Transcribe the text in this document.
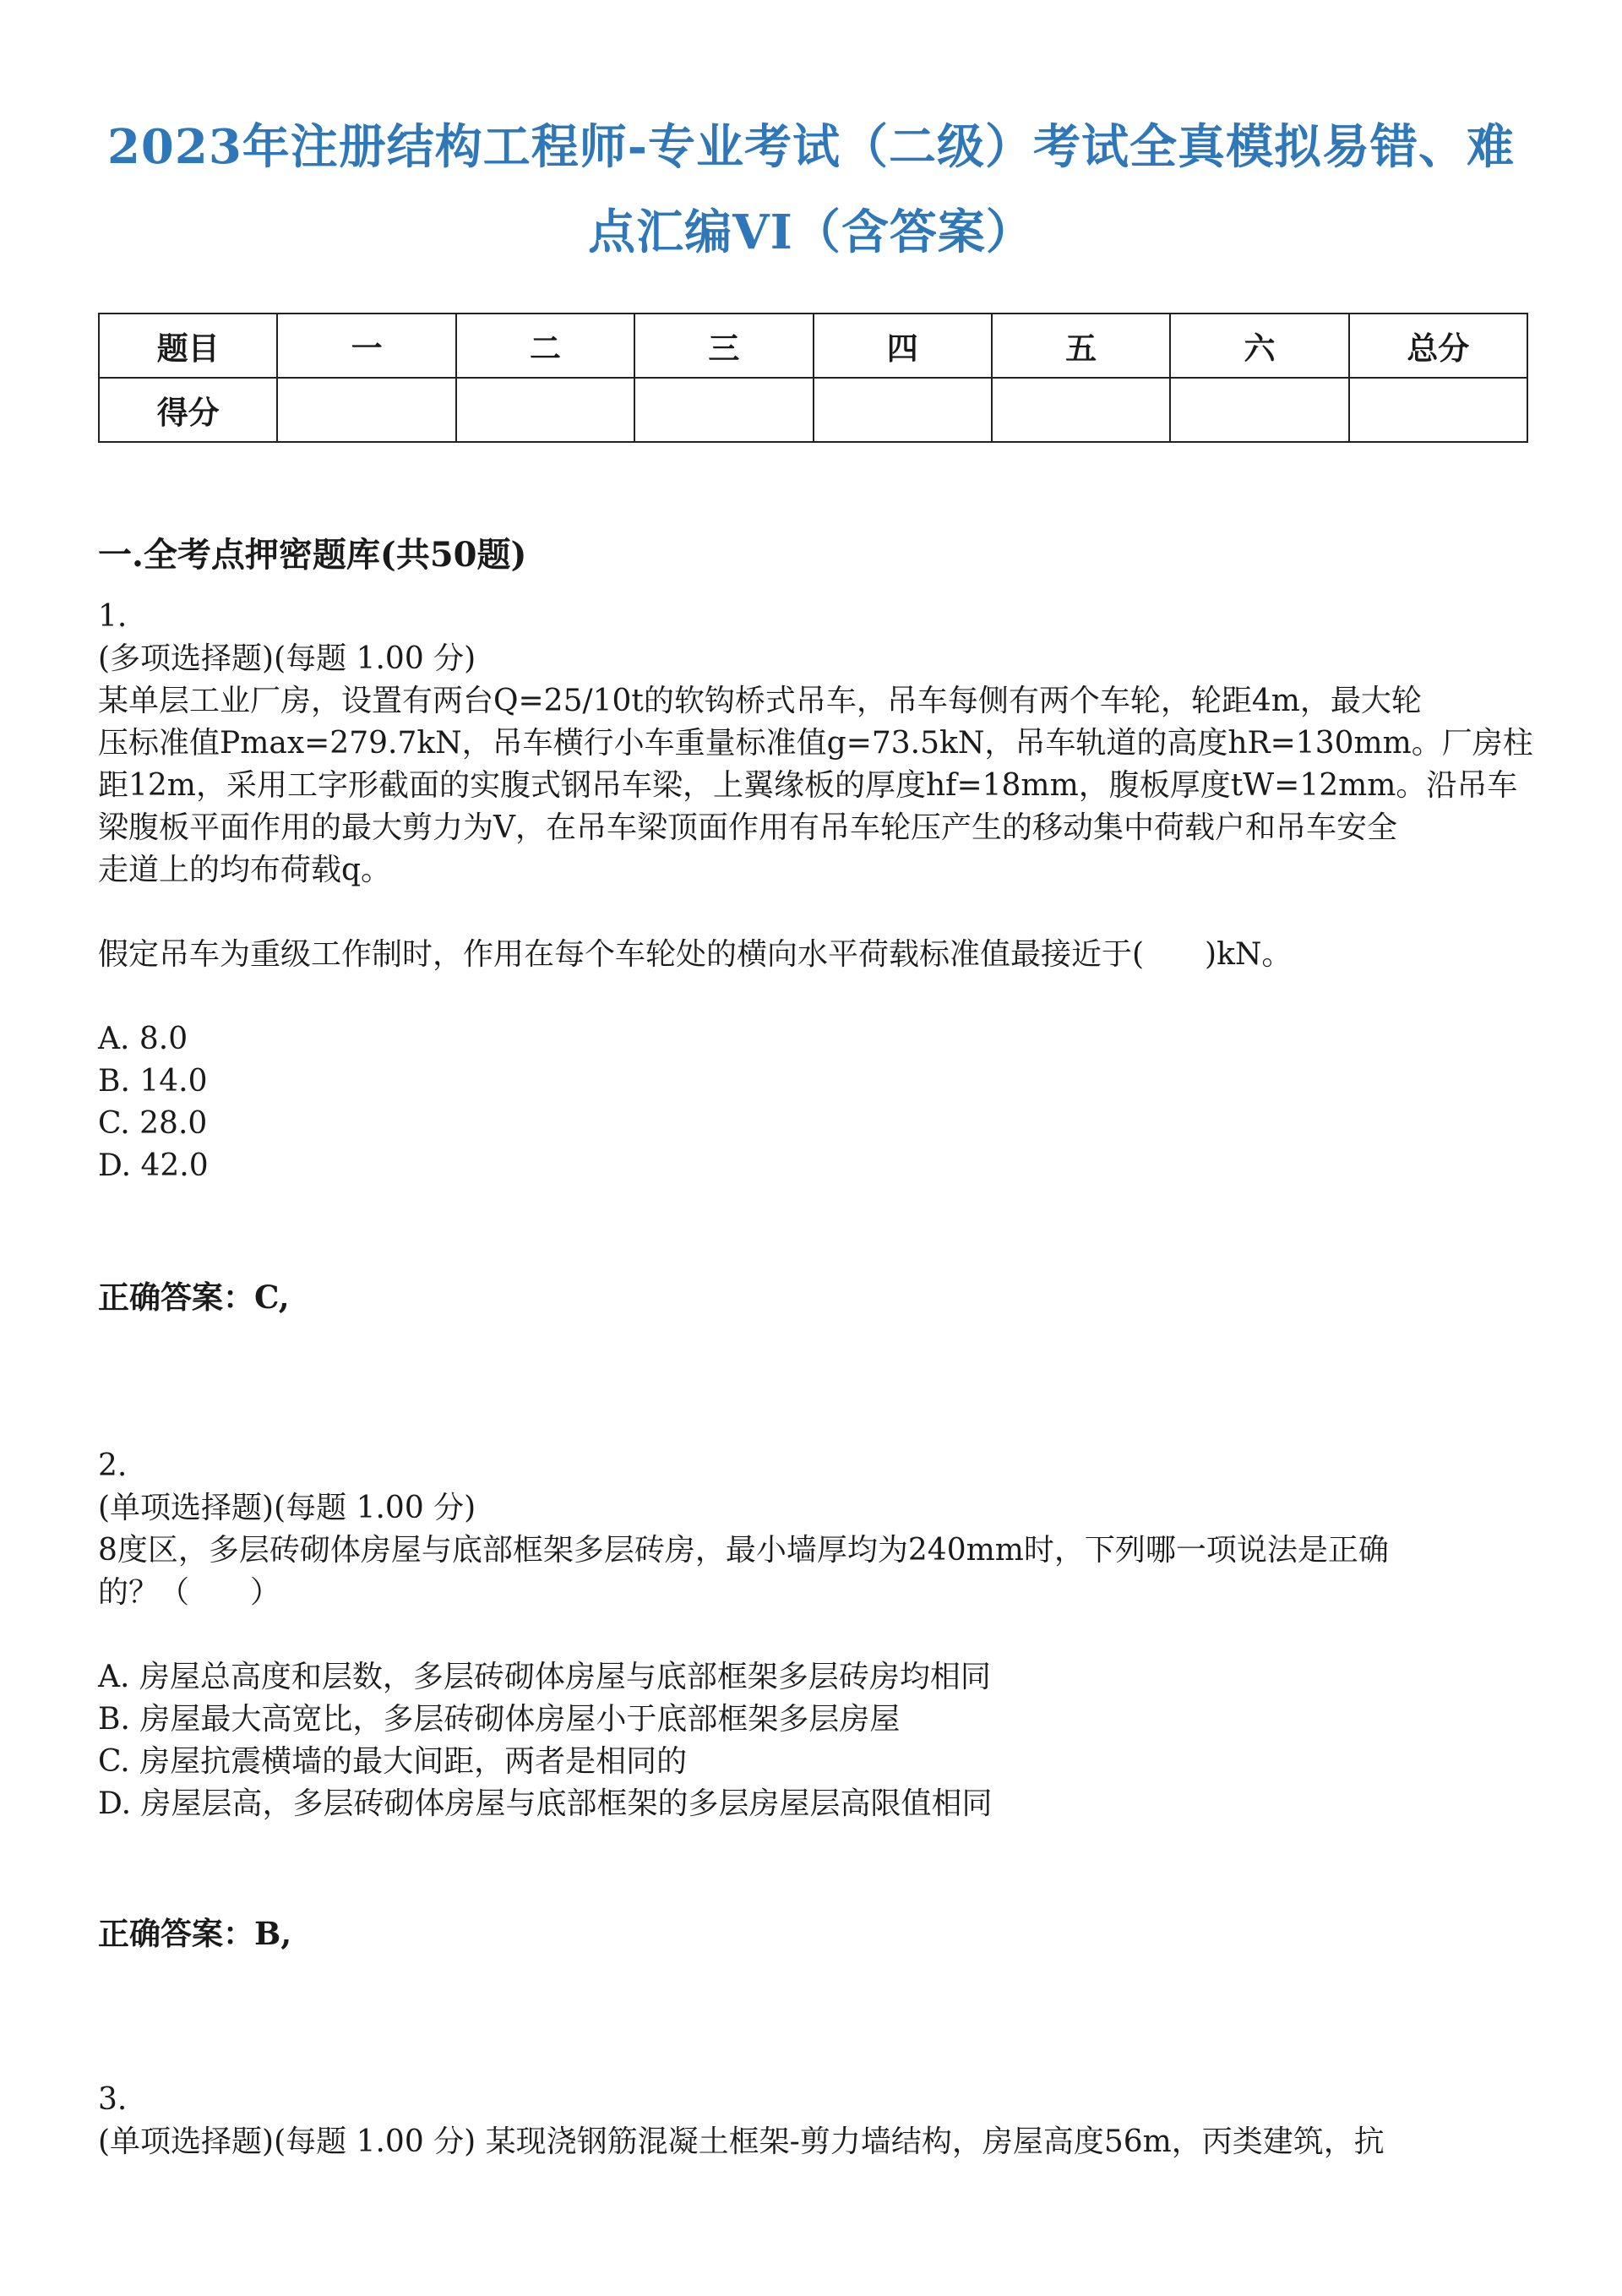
2023年注册结构工程师-专业考试（二级）考试全真模拟易错、难
点汇编VI（含答案）
题目	一	二	三	四	五	六	总分
得分							
一.全考点押密题库(共50题)

1.

(多项选择题)(每题 1.00 分)

某单层工业厂房，设置有两台Q=25/10t的软钩桥式吊车，吊车每侧有两个车轮，轮距4m，最大轮

压标准值Pmax=279.7kN，吊车横行小车重量标准值g=73.5kN，吊车轨道的高度hR=130mm。厂房柱

距12m，采用工字形截面的实腹式钢吊车梁，上翼缘板的厚度hf=18mm，腹板厚度tW=12mm。沿吊车

梁腹板平面作用的最大剪力为V，在吊车梁顶面作用有吊车轮压产生的移动集中荷载户和吊车安全

走道上的均布荷载q。

假定吊车为重级工作制时，作用在每个车轮处的横向水平荷载标准值最接近于(　　)kN。

A. 8.0

B. 14.0

C. 28.0

D. 42.0

正确答案：C,

2.

(单项选择题)(每题 1.00 分)

8度区，多层砖砌体房屋与底部框架多层砖房，最小墙厚均为240mm时，下列哪一项说法是正确

的？（　　）

A. 房屋总高度和层数，多层砖砌体房屋与底部框架多层砖房均相同

B. 房屋最大高宽比，多层砖砌体房屋小于底部框架多层房屋

C. 房屋抗震横墙的最大间距，两者是相同的

D. 房屋层高，多层砖砌体房屋与底部框架的多层房屋层高限值相同

正确答案：B,

3.

(单项选择题)(每题 1.00 分) 某现浇钢筋混凝土框架-剪力墙结构，房屋高度56m，丙类建筑，抗
